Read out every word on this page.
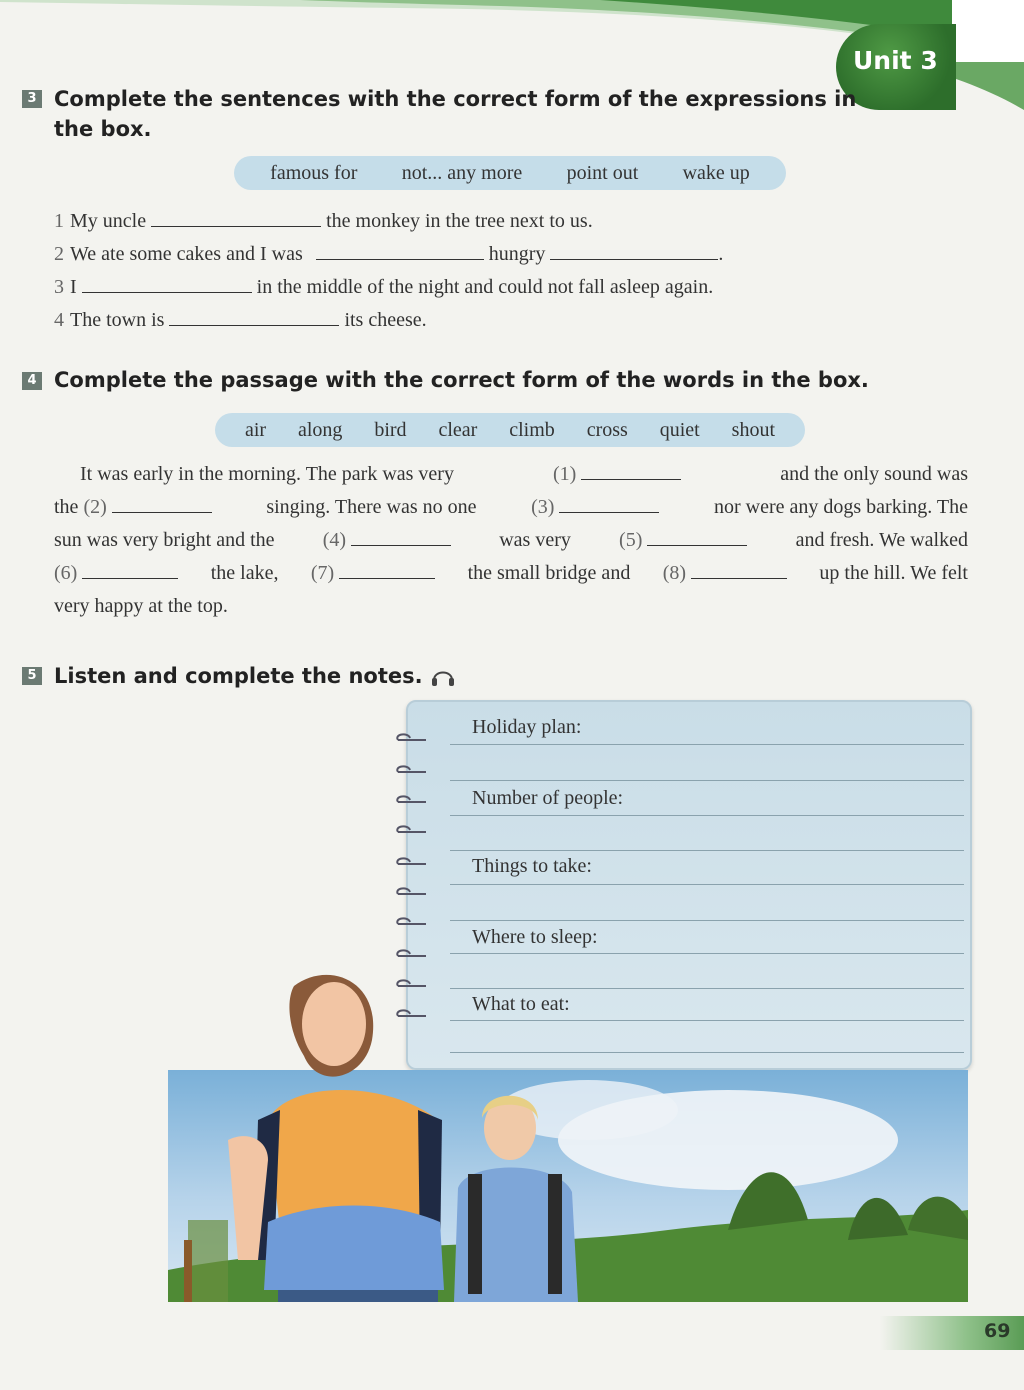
Unit 3
3 Complete the sentences with the correct form of the expressions in
the box.
famous for not... any more point out wake up
1 My uncle	the monkey in the tree next to us.
2 We ate some cakes and I was	hungry	.
3 I	in the middle of the night and could not fall asleep again.
4 The town is	its cheese.
4 Complete the passage with the correct form of the words in the box.
air along bird clear climb cross quiet shout
It was early in the morning. The park was very	(1)	and the only sound was
the (2)	singing. There was no one	(3)	nor were any dogs barking. The
sun was very bright and the (4)	was very (5)	and fresh. We walked
(6)	the lake, (7)	the small bridge and (8)	up the hill. We felt
very happy at the top.
5 Listen and complete the notes.
Holiday plan:
Number of people:
Things to take:
Where to sleep:
What to eat:
69
